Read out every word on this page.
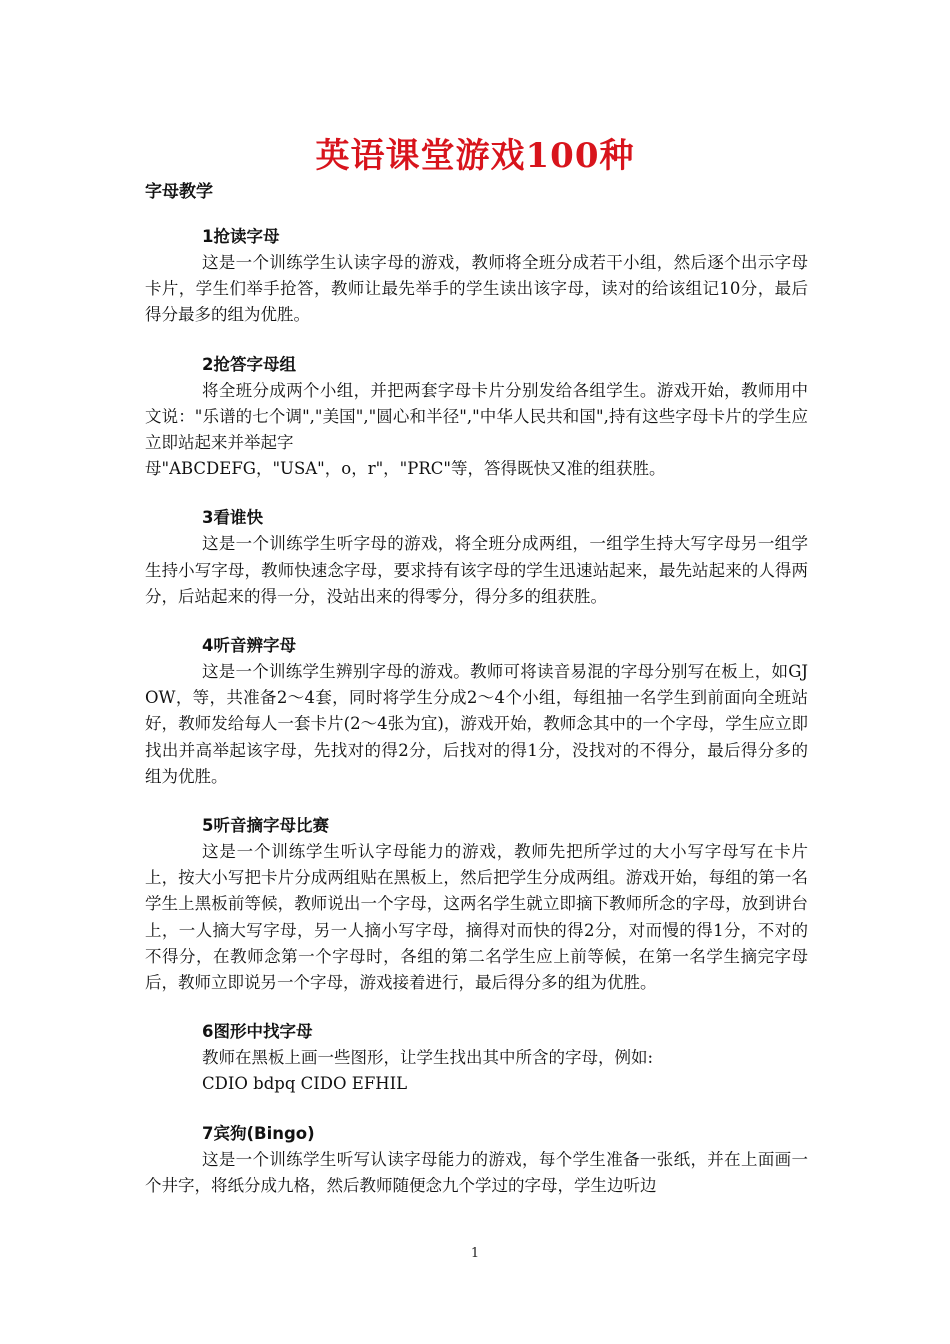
英语课堂游戏100种
字母教学
1抢读字母

这是一个训练学生认读字母的游戏，教师将全班分成若干小组，然后逐个出示字母卡片，学生们举手抢答，教师让最先举手的学生读出该字母，读对的给该组记10分，最后得分最多的组为优胜。

2抢答字母组

将全班分成两个小组，并把两套字母卡片分别发给各组学生。游戏开始，教师用中文说："乐谱的七个调","美国","圆心和半径","中华人民共和国",持有这些字母卡片的学生应立即站起来并举起字

母"ABCDEFG，"USA"，o，r"，"PRC"等，答得既快又准的组获胜。

3看谁快

这是一个训练学生听字母的游戏，将全班分成两组，一组学生持大写字母另一组学生持小写字母，教师快速念字母，要求持有该字母的学生迅速站起来，最先站起来的人得两分，后站起来的得一分，没站出来的得零分，得分多的组获胜。

4听音辨字母

这是一个训练学生辨别字母的游戏。教师可将读音易混的字母分别写在板上，如GJOW，等，共准备2～4套，同时将学生分成2～4个小组，每组抽一名学生到前面向全班站好，教师发给每人一套卡片(2～4张为宜)，游戏开始，教师念其中的一个字母，学生应立即找出并高举起该字母，先找对的得2分，后找对的得1分，没找对的不得分，最后得分多的组为优胜。

5听音摘字母比赛

这是一个训练学生听认字母能力的游戏，教师先把所学过的大小写字母写在卡片上，按大小写把卡片分成两组贴在黑板上，然后把学生分成两组。游戏开始，每组的第一名学生上黑板前等候，教师说出一个字母，这两名学生就立即摘下教师所念的字母，放到讲台上，一人摘大写字母，另一人摘小写字母，摘得对而快的得2分，对而慢的得1分，不对的不得分，在教师念第一个字母时，各组的第二名学生应上前等候，在第一名学生摘完字母后，教师立即说另一个字母，游戏接着进行，最后得分多的组为优胜。

6图形中找字母

教师在黑板上画一些图形，让学生找出其中所含的字母，例如:

CDIO bdpq CIDO EFHIL

7宾狗(Bingo)

这是一个训练学生听写认读字母能力的游戏，每个学生准备一张纸，并在上面画一个井字，将纸分成九格，然后教师随便念九个学过的字母，学生边听边

1
